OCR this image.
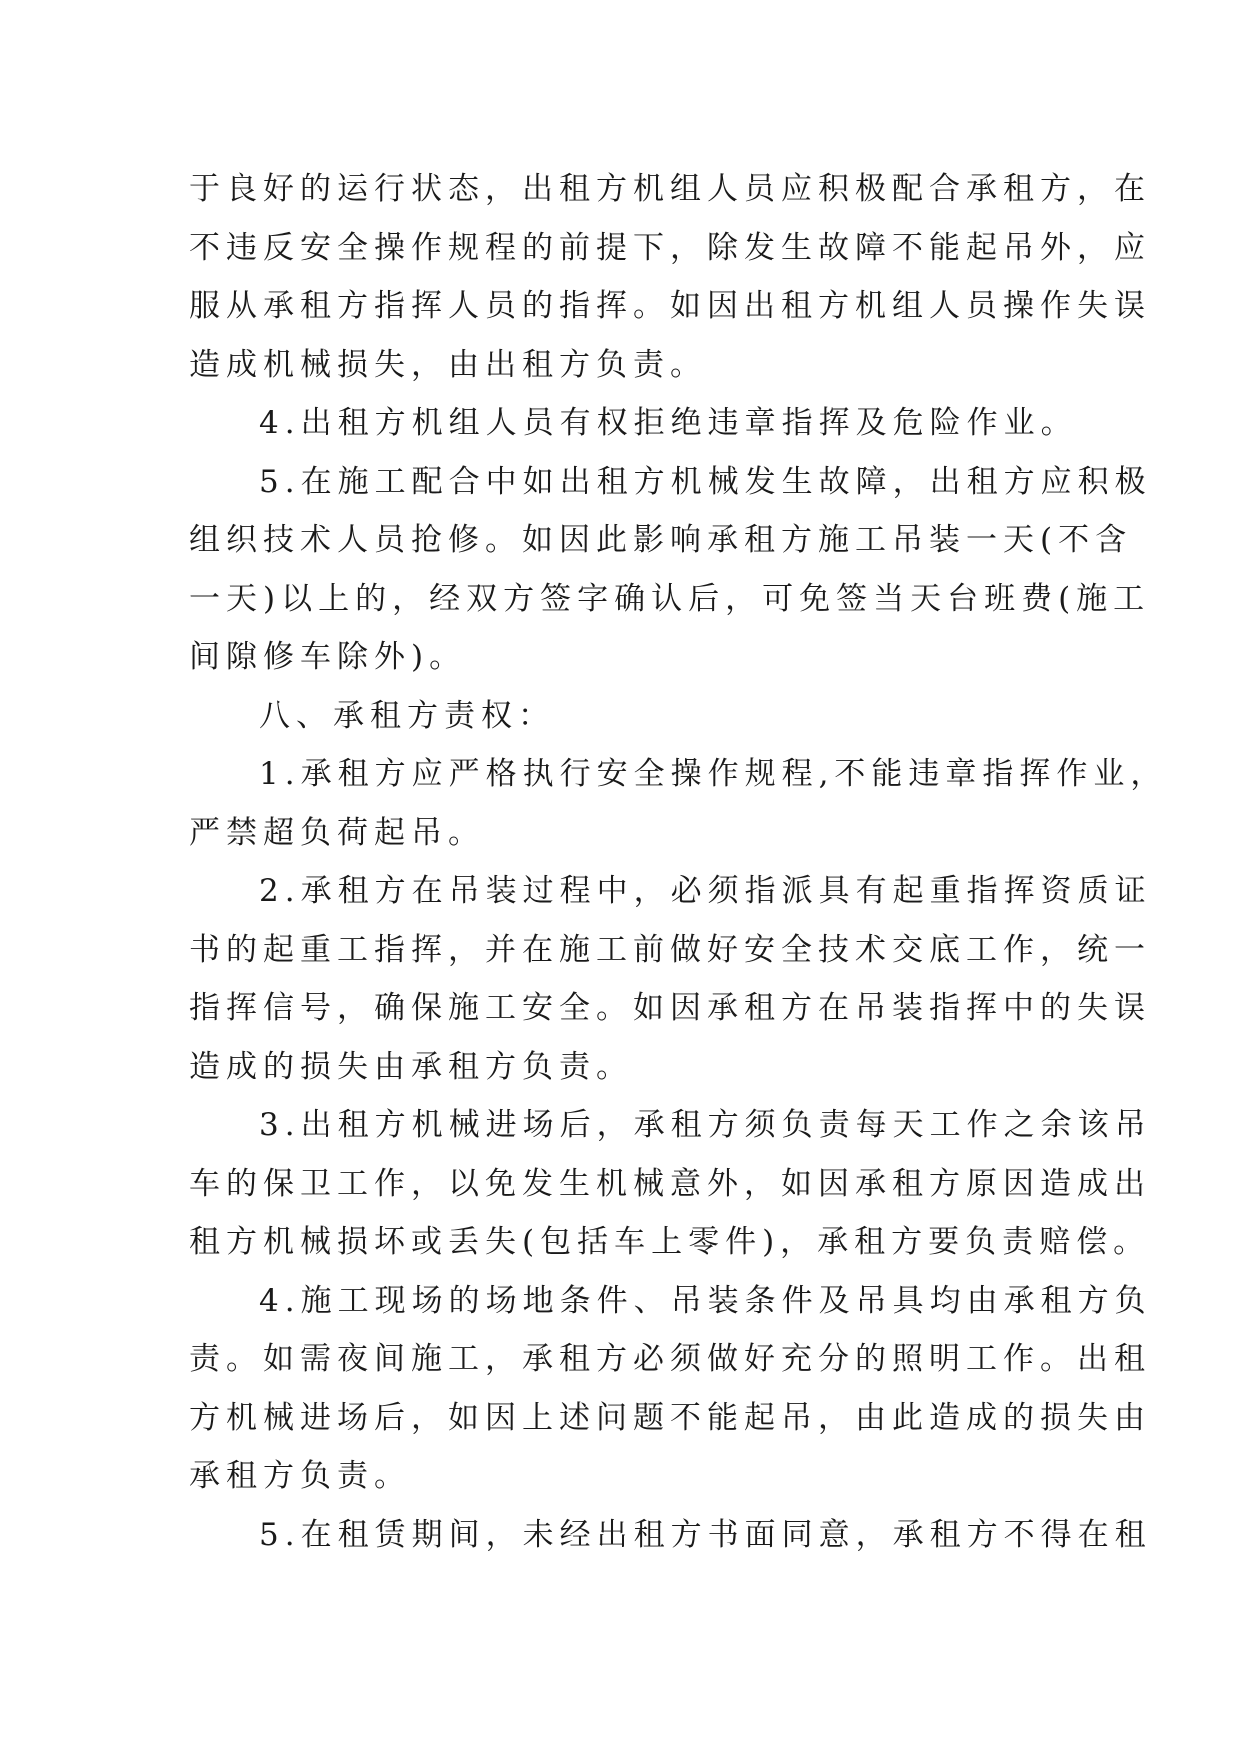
于良好的运行状态，出租方机组人员应积极配合承租方，在
不违反安全操作规程的前提下，除发生故障不能起吊外，应
服从承租方指挥人员的指挥。如因出租方机组人员操作失误
造成机械损失，由出租方负责。
4.出租方机组人员有权拒绝违章指挥及危险作业。
5.在施工配合中如出租方机械发生故障，出租方应积极
组织技术人员抢修。如因此影响承租方施工吊装一天(不含
一天)以上的，经双方签字确认后，可免签当天台班费(施工
间隙修车除外)。
八、承租方责权：
1.承租方应严格执行安全操作规程,不能违章指挥作业，
严禁超负荷起吊。
2.承租方在吊装过程中，必须指派具有起重指挥资质证
书的起重工指挥，并在施工前做好安全技术交底工作，统一
指挥信号，确保施工安全。如因承租方在吊装指挥中的失误
造成的损失由承租方负责。
3.出租方机械进场后，承租方须负责每天工作之余该吊
车的保卫工作，以免发生机械意外，如因承租方原因造成出
租方机械损坏或丢失(包括车上零件)，承租方要负责赔偿。
4.施工现场的场地条件、吊装条件及吊具均由承租方负
责。如需夜间施工，承租方必须做好充分的照明工作。出租
方机械进场后，如因上述问题不能起吊，由此造成的损失由
承租方负责。
5.在租赁期间，未经出租方书面同意，承租方不得在租
